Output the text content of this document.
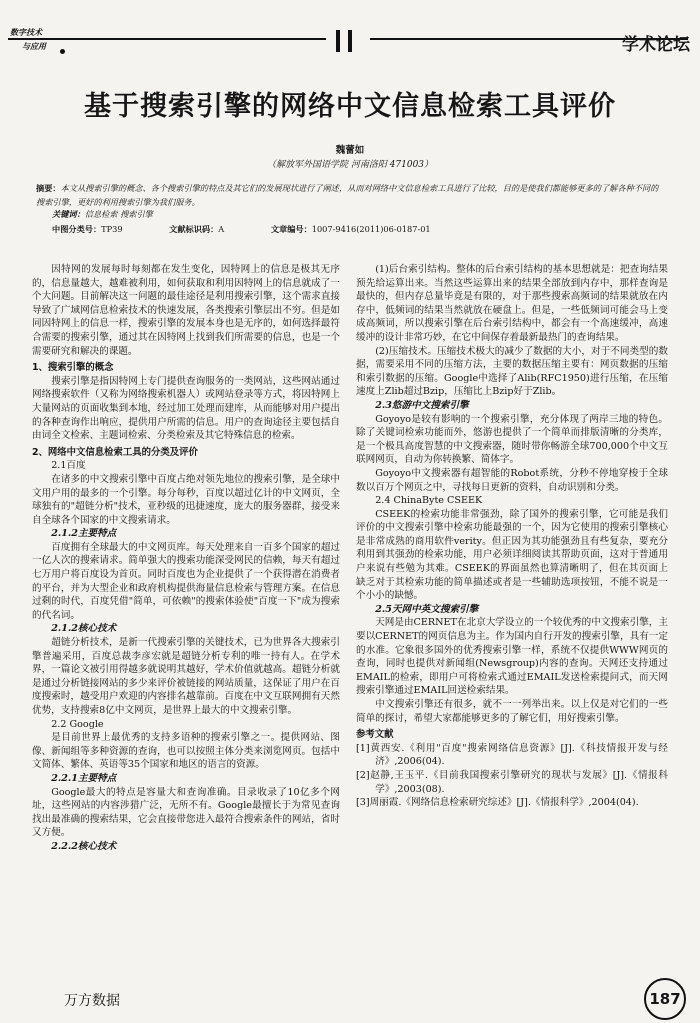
数字技术
与应用	学术论坛
基于搜索引擎的网络中文信息检索工具评价
魏蕾如
（解放军外国语学院 河南洛阳 471003）
摘要：本文从搜索引擎的概念、各个搜索引擎的特点及其它们的发展现状进行了阐述，从而对网络中文信息检索工具进行了比较，目的是使我们都能够更多的了解各种不同的搜索引擎，更好的利用搜索引擎为我们服务。
关键词：信息检索 搜索引擎
中图分类号：TP39	文献标识码：A	文章编号：1007-9416(2011)06-0187-01

因特网的发展每时每刻都在发生变化，因特网上的信息是极其无序的，信息量越大，越难被利用，如何获取和利用因特网上的信息就成了一个大问题。目前解决这一问题的最佳途径是利用搜索引擎，这个需求直接导致了广域网信息检索技术的快速发展，各类搜索引擎层出不穷。但是如同因特网上的信息一样，搜索引擎的发展本身也是无序的，如何选择最符合需要的搜索引擎，通过其在因特网上找到我们所需要的信息，也是一个需要研究和解决的课题。

1、搜索引擎的概念

搜索引擎是指因特网上专门提供查询服务的一类网站，这些网站通过网络搜索软件（又称为网络搜索机器人）或网站登录等方式，将因特网上大量网站的页面收集到本地，经过加工处理而建库，从而能够对用户提出的各种查询作出响应，提供用户所需的信息。用户的查询途径主要包括自由词全文检索、主题词检索、分类检索及其它特殊信息的检索。

2、网络中文信息检索工具的分类及评价
2.1百度

在诸多的中文搜索引擎中百度占绝对领先地位的搜索引擎，是全球中文用户用的最多的一个引擎。每分每秒，百度以超过亿计的中文网页，全球独有的"超链分析"技术，亚秒级的迅捷速度，庞大的服务器群，接受来自全球各个国家的中文搜索请求。

2.1.2主要特点

百度拥有全球最大的中文网页库。每天处理来自一百多个国家的超过一亿人次的搜索请求。简单强大的搜索功能深受网民的信赖，每天有超过七万用户将百度设为首页。同时百度也为企业提供了一个获得潜在消费者的平台，并为大型企业和政府机构提供海量信息检索与管理方案。在信息过剩的时代，百度凭借"简单，可依赖"的搜索体验使"百度一下"成为搜索的代名词。

2.1.2核心技术

超链分析技术，是新一代搜索引擎的关键技术，已为世界各大搜索引擎普遍采用，百度总裁李彦宏就是超链分析专利的唯一持有人。在学术界，一篇论文被引用得越多就说明其越好，学术价值就越高。超链分析就是通过分析链接网站的多少来评价被链接的网站质量，这保证了用户在百度搜索时，越受用户欢迎的内容排名越靠前。百度在中文互联网拥有天然优势，支持搜索8亿中文网页，是世界上最大的中文搜索引擎。

2.2 Google

是目前世界上最优秀的支持多语种的搜索引擎之一。提供网站、图像、新闻组等多种资源的查询，也可以按照主体分类来浏览网页。包括中文简体、繁体、英语等35个国家和地区的语言的资源。

2.2.1主要特点

Google最大的特点是容量大和查询准确。目录收录了10亿多个网址，这些网站的内容涉猎广泛，无所不有。Google最擅长于为常见查询找出最准确的搜索结果，它会直接带您进入最符合搜索条件的网站，省时又方便。

2.2.2核心技术

(1)后台索引结构。整体的后台索引结构的基本思想就是：把查询结果预先给运算出来。当然这些运算出来的结果全部放到内存中，那样查询是最快的，但内存总量毕竟是有限的，对于那些搜索高频词的结果就放在内存中，低频词的结果当然就放在硬盘上。但是，一些低频词可能会马上变成高频词，所以搜索引擎在后台索引结构中，都会有一个高速缓冲，高速缓冲的设计非常巧妙，在它中间保存着最新最热门的查询结果。

(2)压缩技术。压缩技术极大的减少了数据的大小，对于不同类型的数据，需要采用不同的压缩方法，主要的数据压缩主要有：网页数据的压缩和索引数据的压缩。Google中选择了Alib(RFC1950)进行压缩，在压缩速度上Zlib超过Bzip，压缩比上Bzip好于Zlib。

2.3悠游中文搜索引擎

Goyoyo是较有影响的一个搜索引擎，充分体现了两岸三地的特色。除了关键词检索功能而外，悠游也提供了一个简单而排版清晰的分类库，是一个极具高度智慧的中文搜索器，随时带你畅游全球700,000个中文互联网网页，自动为你转换繁、简体字。

Goyoyo中文搜索器有超智能的Robot系统，分秒不停地穿梭于全球数以百万个网页之中，寻找每日更新的资料，自动识别和分类。

2.4 ChinaByte CSEEK

CSEEK的检索功能非常强劲，除了国外的搜索引擎，它可能是我们评价的中文搜索引擎中检索功能最强的一个，因为它使用的搜索引擎核心是非常成熟的商用软件verity。但正因为其功能强劲且有些复杂，要充分利用到其强劲的检索功能，用户必须详细阅读其帮助页面，这对于普通用户来说有些勉为其难。CSEEK的界面虽然也算清晰明了，但在其页面上缺乏对于其检索功能的简单描述或者是一些辅助选项按钮，不能不说是一个小小的缺憾。

2.5天网中英文搜索引擎

天网是由CERNET在北京大学设立的一个较优秀的中文搜索引擎，主要以CERNET的网页信息为主。作为国内自行开发的搜索引擎，具有一定的水准。它象很多国外的优秀搜索引擎一样，系统不仅提供WWW网页的查询，同时也提供对新闻组(Newsgroup)内容的查询。天网还支持通过EMAIL的检索，即用户可将检索式通过EMAIL发送检索提问式，而天网搜索引擎通过EMAIL回送检索结果。

中文搜索引擎还有很多，就不一一列举出来。以上仅是对它们的一些简单的探讨，希望大家都能够更多的了解它们，用好搜索引擎。

参考文献

[1]黄西安.《利用"百度"搜索网络信息资源》[J].《科技情报开发与经济》,2006(04).

[2]赵静,王玉平.《目前我国搜索引擎研究的现状与发展》[J].《情报科学》,2003(08).

[3]周丽霞.《网络信息检索研究综述》[J].《情报科学》,2004(04).

万方数据	187
